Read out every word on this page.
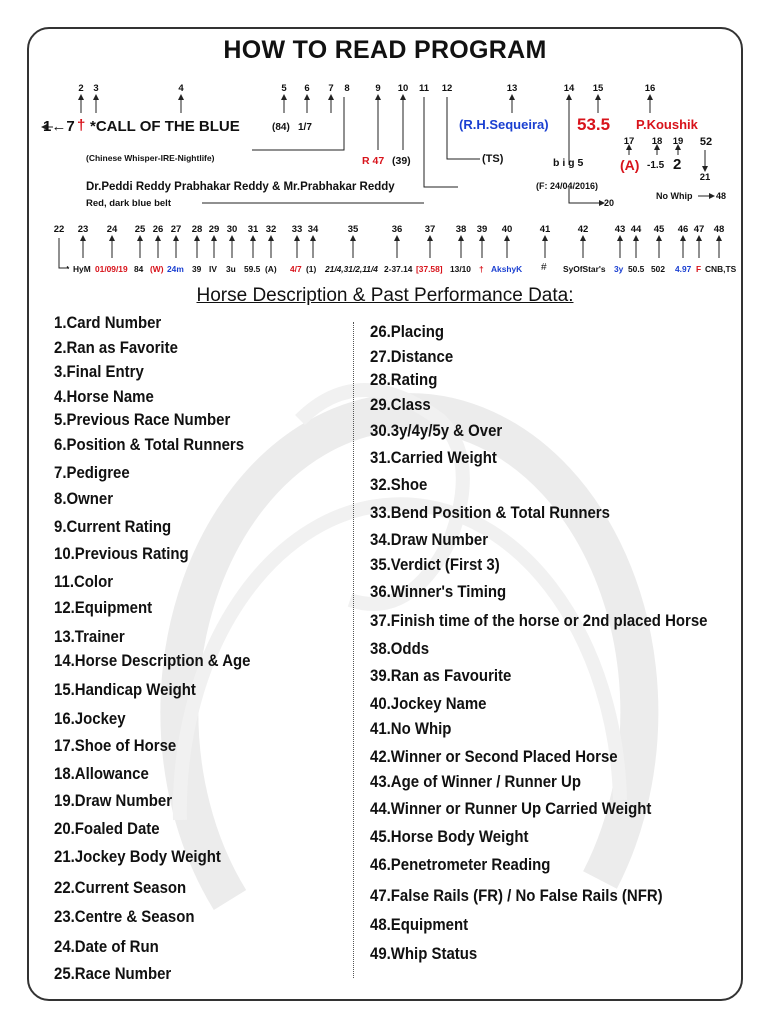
HOW TO READ PROGRAM
2 3	4	5 6 7 8	9 10 11 12	13	14 15	16
17 18 19 52
21
1←7 † *CALL OF THE BLUE	(84) 1/7	(R.H.Sequeira) 53.5 P.Koushik
(A) -1.5 2
(Chinese Whisper-IRE-Nightlife)	R 47 (39)	(TS)	b i g 5
Dr.Peddi Reddy Prabhakar Reddy & Mr.Prabhakar Reddy	(F: 24/04/2016)
20
Red, dark blue belt
No Whip	48
22 23 24 25 26 27 28 29 30 31 32 33 34	35	36 37 38 39 40	41	42	43 44 45 46 47 48
* HyM 01/09/19 84 (W) 24m 39 IV 3u 59.5 (A) 4/7 (1) 21/4,31/2,11/4 2-37.14 [37.58] 13/10 † AkshyK # SyOfStar's 3y 50.5 502 4.97 F CNB,TS
Horse Description & Past Performance Data:
1.Card Number
2.Ran as Favorite
3.Final Entry
4.Horse Name
5.Previous Race Number
6.Position & Total Runners
7.Pedigree
8.Owner
9.Current Rating
10.Previous Rating
11.Color
12.Equipment
13.Trainer
14.Horse Description & Age
15.Handicap Weight
16.Jockey
17.Shoe of Horse
18.Allowance
19.Draw Number
20.Foaled Date
21.Jockey Body Weight
22.Current Season
23.Centre & Season
24.Date of Run
25.Race Number
26.Placing
27.Distance
28.Rating
29.Class
30.3y/4y/5y & Over
31.Carried Weight
32.Shoe
33.Bend Position & Total Runners
34.Draw Number
35.Verdict (First 3)
36.Winner's Timing
37.Finish time of the horse or 2nd placed Horse
38.Odds
39.Ran as Favourite
40.Jockey Name
41.No Whip
42.Winner or Second Placed Horse
43.Age of Winner / Runner Up
44.Winner or Runner Up Carried Weight
45.Horse Body Weight
46.Penetrometer Reading
47.False Rails (FR) / No False Rails (NFR)
48.Equipment
49.Whip Status
